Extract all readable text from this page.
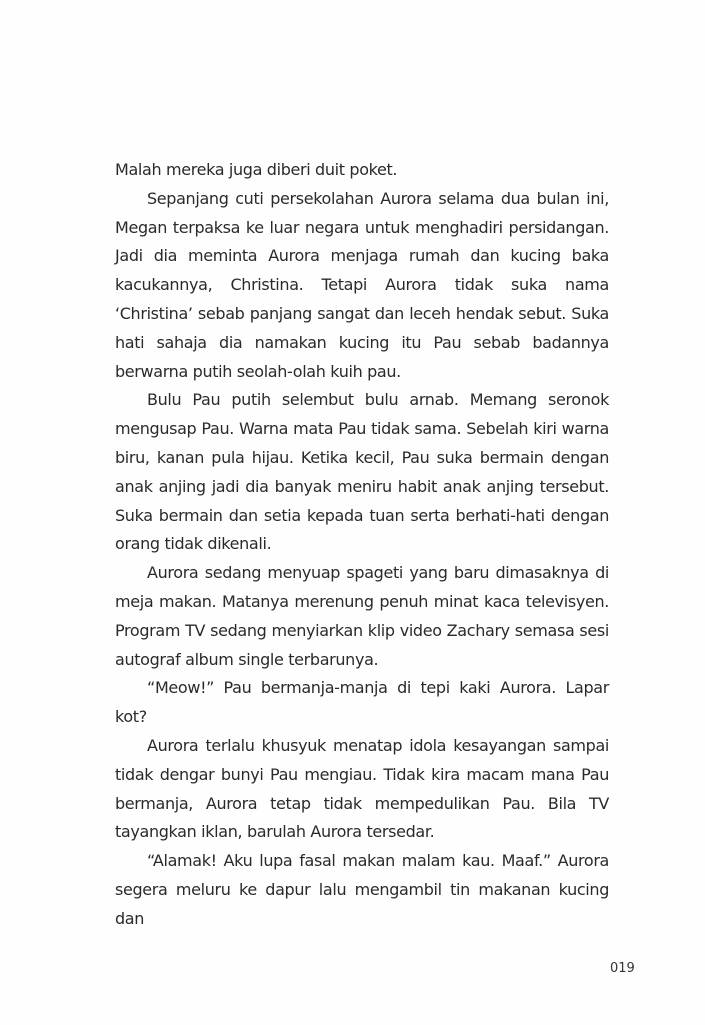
Malah mereka juga diberi duit poket.

Sepanjang cuti persekolahan Aurora selama dua bulan ini, Megan terpaksa ke luar negara untuk menghadiri persidangan. Jadi dia meminta Aurora menjaga rumah dan kucing baka kacukannya, Christina. Tetapi Aurora tidak suka nama ‘Christina’ sebab panjang sangat dan leceh hendak sebut. Suka hati sahaja dia namakan kucing itu Pau sebab badannya berwarna putih seolah-olah kuih pau.

Bulu Pau putih selembut bulu arnab. Memang seronok mengusap Pau. Warna mata Pau tidak sama. Sebelah kiri warna biru, kanan pula hijau. Ketika kecil, Pau suka bermain dengan anak anjing jadi dia banyak meniru habit anak anjing tersebut. Suka bermain dan setia kepada tuan serta berhati-hati dengan orang tidak dikenali.

Aurora sedang menyuap spageti yang baru dimasaknya di meja makan. Matanya merenung penuh minat kaca televisyen. Program TV sedang menyiarkan klip video Zachary semasa sesi autograf album single terbarunya.

“Meow!” Pau bermanja-manja di tepi kaki Aurora. Lapar kot?

Aurora terlalu khusyuk menatap idola kesayangan sampai tidak dengar bunyi Pau mengiau. Tidak kira macam mana Pau bermanja, Aurora tetap tidak mempedulikan Pau. Bila TV tayangkan iklan, barulah Aurora tersedar.

“Alamak! Aku lupa fasal makan malam kau. Maaf.” Aurora segera meluru ke dapur lalu mengambil tin makanan kucing dan

019
